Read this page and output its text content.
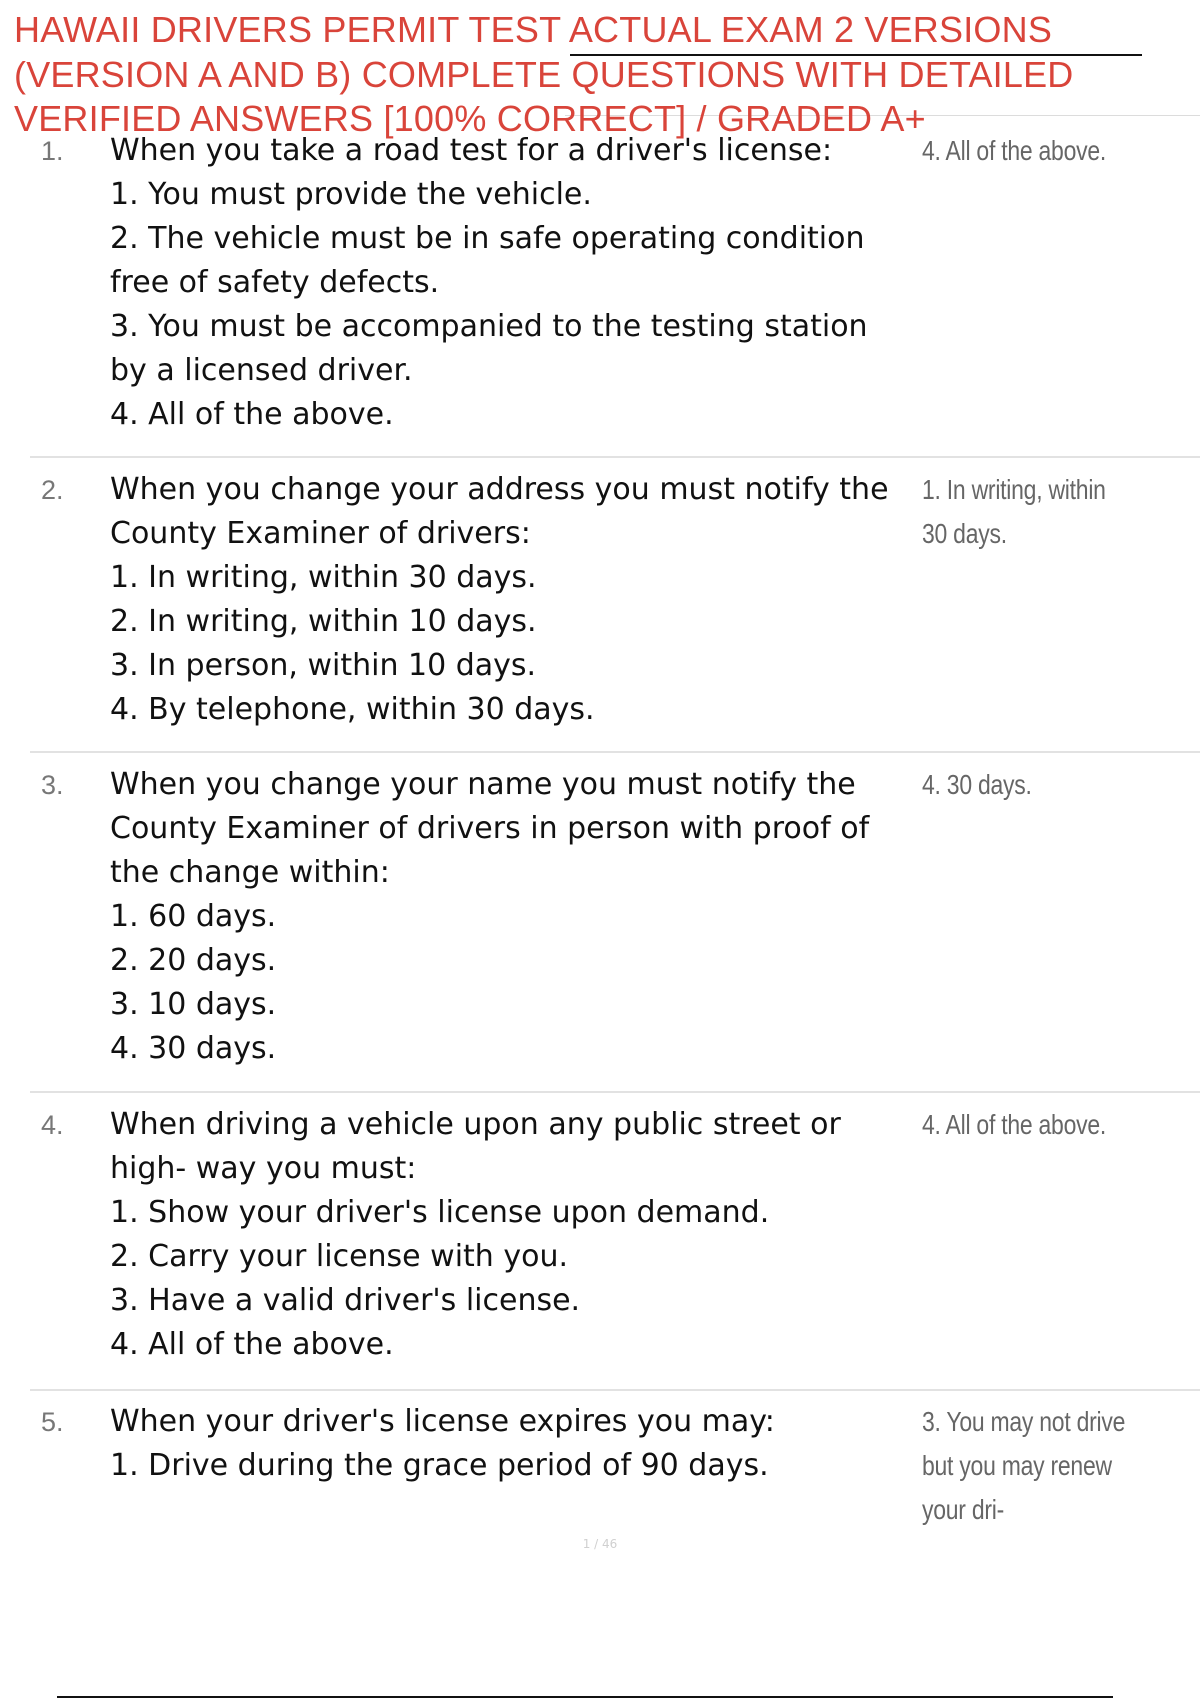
HAWAII DRIVERS PERMIT TEST ACTUAL EXAM 2 VERSIONS
(VERSION A AND B) COMPLETE QUESTIONS WITH DETAILED
VERIFIED ANSWERS [100% CORRECT] / GRADED A+
1. When you take a road test for a driver's license:

1. You must provide the vehicle.

2. The vehicle must be in safe operating condition free of safety defects.

3. You must be accompanied to the testing station by a licensed driver.

4. All of the above.

4. All of the above.
2. When you change your address you must notify the County Examiner of drivers:

1. In writing, within 30 days.

2. In writing, within 10 days.

3. In person, within 10 days.

4. By telephone, within 30 days.

1. In writing, within 30 days.
3. When you change your name you must notify the County Examiner of drivers in person with proof of the change within:

1. 60 days.

2. 20 days.

3. 10 days.

4. 30 days.

4. 30 days.
4. When driving a vehicle upon any public street or high- way you must:

1. Show your driver's license upon demand.

2. Carry your license with you.

3. Have a valid driver's license.

4. All of the above.

4. All of the above.
5. When your driver's license expires you may:

1. Drive during the grace period of 90 days.

3. You may not drive but you may renew your dri-
1 / 46
